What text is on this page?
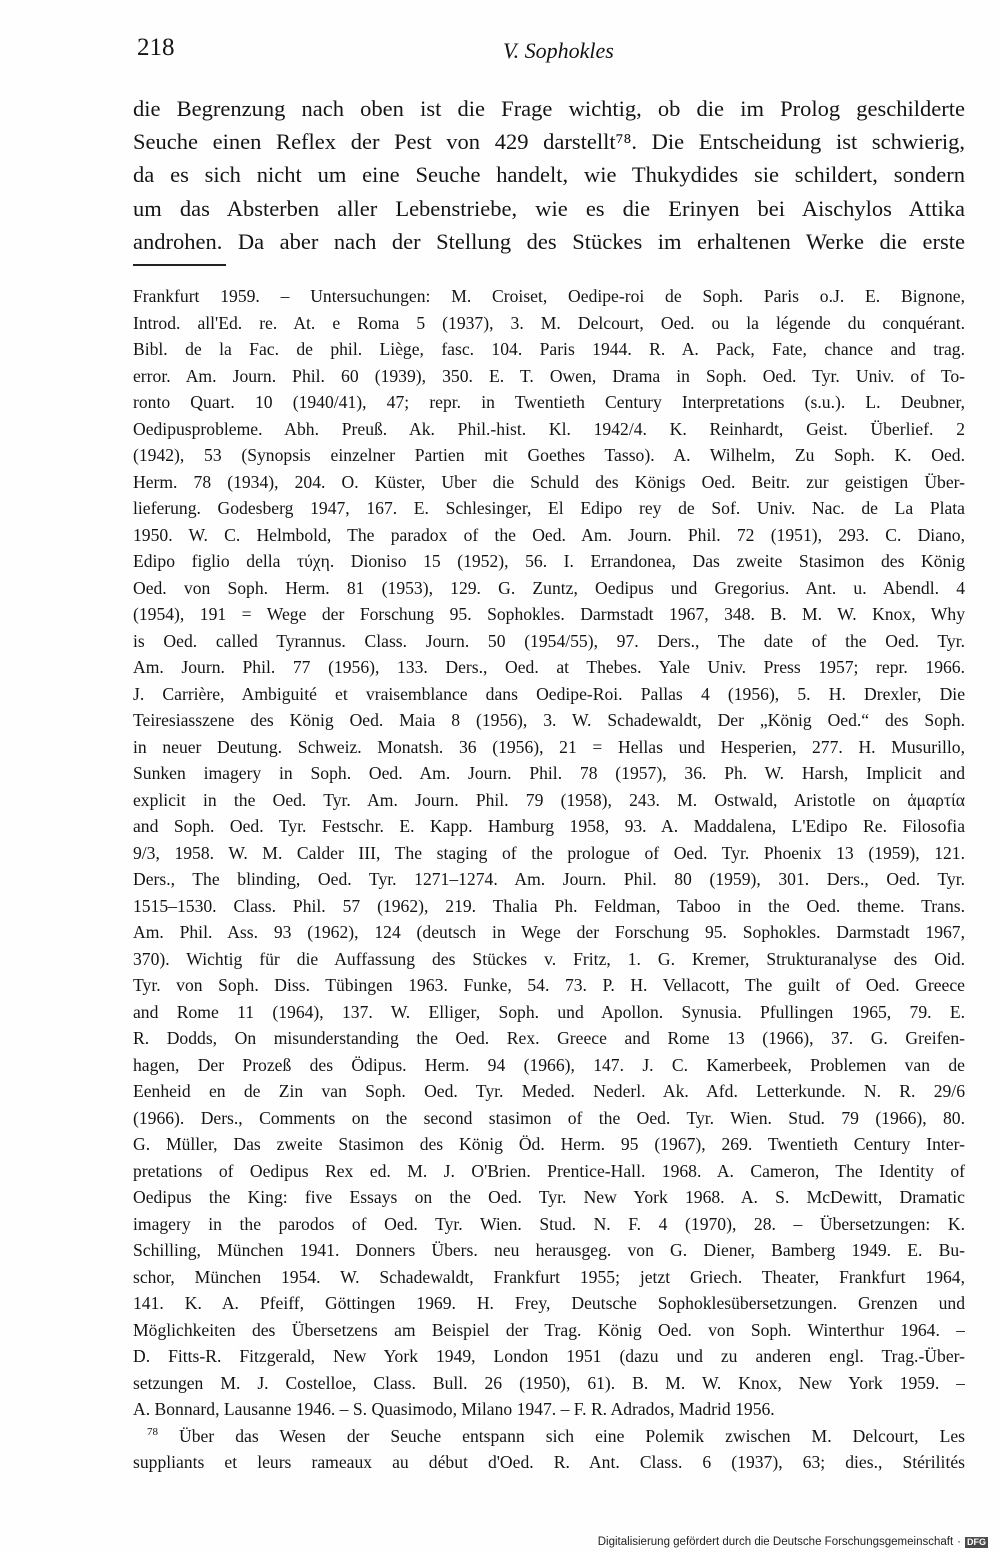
218	V. Sophokles
die Begrenzung nach oben ist die Frage wichtig, ob die im Prolog geschilderte
Seuche einen Reflex der Pest von 429 darstellt⁷⁸. Die Entscheidung ist schwierig,
da es sich nicht um eine Seuche handelt, wie Thukydides sie schildert, sondern
um das Absterben aller Lebenstriebe, wie es die Erinyen bei Aischylos Attika
androhen. Da aber nach der Stellung des Stückes im erhaltenen Werke die erste
Frankfurt 1959. – Untersuchungen: M. Croiset, Oedipe-roi de Soph. Paris o.J. E. Bignone,
Introd. all'Ed. re. At. e Roma 5 (1937), 3. M. Delcourt, Oed. ou la légende du conquérant.
Bibl. de la Fac. de phil. Liège, fasc. 104. Paris 1944. R. A. Pack, Fate, chance and trag.
error. Am. Journ. Phil. 60 (1939), 350. E. T. Owen, Drama in Soph. Oed. Tyr. Univ. of To-
ronto Quart. 10 (1940/41), 47; repr. in Twentieth Century Interpretations (s.u.). L. Deubner,
Oedipusprobleme. Abh. Preuß. Ak. Phil.-hist. Kl. 1942/4. K. Reinhardt, Geist. Überlief. 2
(1942), 53 (Synopsis einzelner Partien mit Goethes Tasso). A. Wilhelm, Zu Soph. K. Oed.
Herm. 78 (1934), 204. O. Küster, Uber die Schuld des Königs Oed. Beitr. zur geistigen Über-
lieferung. Godesberg 1947, 167. E. Schlesinger, El Edipo rey de Sof. Univ. Nac. de La Plata
1950. W. C. Helmbold, The paradox of the Oed. Am. Journ. Phil. 72 (1951), 293. C. Diano,
Edipo figlio della τύχη. Dioniso 15 (1952), 56. I. Errandonea, Das zweite Stasimon des König
Oed. von Soph. Herm. 81 (1953), 129. G. Zuntz, Oedipus und Gregorius. Ant. u. Abendl. 4
(1954), 191 = Wege der Forschung 95. Sophokles. Darmstadt 1967, 348. B. M. W. Knox, Why
is Oed. called Tyrannus. Class. Journ. 50 (1954/55), 97. Ders., The date of the Oed. Tyr.
Am. Journ. Phil. 77 (1956), 133. Ders., Oed. at Thebes. Yale Univ. Press 1957; repr. 1966.
J. Carrière, Ambiguité et vraisemblance dans Oedipe-Roi. Pallas 4 (1956), 5. H. Drexler, Die
Teiresiasszene des König Oed. Maia 8 (1956), 3. W. Schadewaldt, Der „König Oed.“ des Soph.
in neuer Deutung. Schweiz. Monatsh. 36 (1956), 21 = Hellas und Hesperien, 277. H. Musurillo,
Sunken imagery in Soph. Oed. Am. Journ. Phil. 78 (1957), 36. Ph. W. Harsh, Implicit and
explicit in the Oed. Tyr. Am. Journ. Phil. 79 (1958), 243. M. Ostwald, Aristotle on ἁμαρτία
and Soph. Oed. Tyr. Festschr. E. Kapp. Hamburg 1958, 93. A. Maddalena, L'Edipo Re. Filosofia
9/3, 1958. W. M. Calder III, The staging of the prologue of Oed. Tyr. Phoenix 13 (1959), 121.
Ders., The blinding, Oed. Tyr. 1271–1274. Am. Journ. Phil. 80 (1959), 301. Ders., Oed. Tyr.
1515–1530. Class. Phil. 57 (1962), 219. Thalia Ph. Feldman, Taboo in the Oed. theme. Trans.
Am. Phil. Ass. 93 (1962), 124 (deutsch in Wege der Forschung 95. Sophokles. Darmstadt 1967,
370). Wichtig für die Auffassung des Stückes v. Fritz, 1. G. Kremer, Strukturanalyse des Oid.
Tyr. von Soph. Diss. Tübingen 1963. Funke, 54. 73. P. H. Vellacott, The guilt of Oed. Greece
and Rome 11 (1964), 137. W. Elliger, Soph. und Apollon. Synusia. Pfullingen 1965, 79. E.
R. Dodds, On misunderstanding the Oed. Rex. Greece and Rome 13 (1966), 37. G. Greifen-
hagen, Der Prozeß des Ödipus. Herm. 94 (1966), 147. J. C. Kamerbeek, Problemen van de
Eenheid en de Zin van Soph. Oed. Tyr. Meded. Nederl. Ak. Afd. Letterkunde. N. R. 29/6
(1966). Ders., Comments on the second stasimon of the Oed. Tyr. Wien. Stud. 79 (1966), 80.
G. Müller, Das zweite Stasimon des König Öd. Herm. 95 (1967), 269. Twentieth Century Inter-
pretations of Oedipus Rex ed. M. J. O'Brien. Prentice-Hall. 1968. A. Cameron, The Identity of
Oedipus the King: five Essays on the Oed. Tyr. New York 1968. A. S. McDewitt, Dramatic
imagery in the parodos of Oed. Tyr. Wien. Stud. N. F. 4 (1970), 28. – Übersetzungen: K.
Schilling, München 1941. Donners Übers. neu herausgeg. von G. Diener, Bamberg 1949. E. Bu-
schor, München 1954. W. Schadewaldt, Frankfurt 1955; jetzt Griech. Theater, Frankfurt 1964,
141. K. A. Pfeiff, Göttingen 1969. H. Frey, Deutsche Sophoklesübersetzungen. Grenzen und
Möglichkeiten des Übersetzens am Beispiel der Trag. König Oed. von Soph. Winterthur 1964. –
D. Fitts-R. Fitzgerald, New York 1949, London 1951 (dazu und zu anderen engl. Trag.-Über-
setzungen M. J. Costelloe, Class. Bull. 26 (1950), 61). B. M. W. Knox, New York 1959. –
A. Bonnard, Lausanne 1946. – S. Quasimodo, Milano 1947. – F. R. Adrados, Madrid 1956.
$^{78}$ Über das Wesen der Seuche entspann sich eine Polemik zwischen M. Delcourt, Les
suppliants et leurs rameaux au début d'Oed. R. Ant. Class. 6 (1937), 63; dies., Stérilités
Digitalisierung gefördert durch die Deutsche Forschungsgemeinschaft · DFG
